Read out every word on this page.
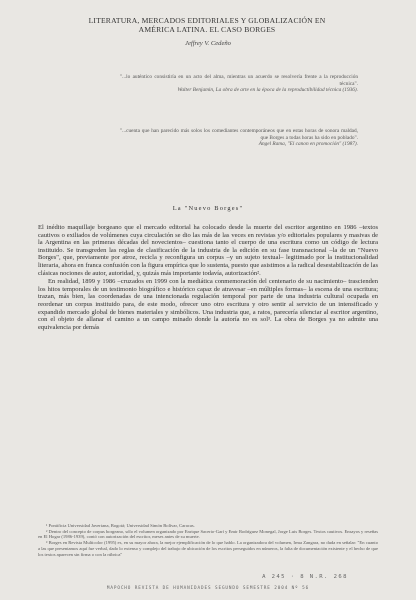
LITERATURA, MERCADOS EDITORIALES Y GLOBALIZACIÓN EN
AMÉRICA LATINA. EL CASO BORGES
Jeffrey V. Cedeño

"...lo auténtico consistiría en un acto del alma, mientras un acuerdo se resolvería frente a la reproducción técnica".

Walter Benjamin, La obra de arte en la época de la reproductibilidad técnica (1936).

"...cuenta que han parecido más solos los comediantes contemporáneos que en estas horas de sonora maldad, que Borges a todas horas ha sido en poblado".

Ángel Rama, "El canon en promoción" (1987).

La "Nuevo Borges"

El inédito maquillaje borgeano que el mercado editorial ha colocado desde la muerte del escritor argentino en 1986 –textos cautivos o exiliados de volúmenes cuya circulación se dio las más de las veces en revistas y/o editoriales populares y masivas de la Argentina en las primeras décadas del novecientos– cuestiona tanto el cuerpo de una escritura como un código de lectura instituido. Se transgreden las reglas de clasificación de la industria de la edición en su fase transnacional –la de un "Nuevo Borges", que, previamente por atroz, recicla y reconfigura un corpus –y un sujeto textual– legitimado por la institucionalidad literaria, ahora en franca confusión con la figura empírica que lo sustenta, puesto que asistimos a la radical desestabilización de las clásicas nociones de autor, autoridad, y, quizás más importante todavía, autorización².

En realidad, 1899 y 1986 –cruzados en 1999 con la mediática conmemoración del centenario de su nacimiento– trascienden los hitos temporales de un testimonio biográfico e histórico capaz de atravesar –en múltiples formas– la escena de una escritura; trazan, más bien, las coordenadas de una intencionada regulación temporal por parte de una industria cultural ocupada en reordenar un corpus instituido para, de este modo, ofrecer uno otro escritura y otro sentir al servicio de un intensificado y expandido mercado global de bienes materiales y simbólicos. Una industria que, a ratos, parecería silenciar al escritor argentino, con el objeto de allanar el camino a un campo minado donde la autoría no es sol³. La obra de Borges ya no admite una equivalencia por demás

¹ Pontificia Universidad Javeriana, Bogotá; Universidad Simón Bolívar, Caracas.

² Dentro del concepto de corpus borgeano, sólo el volumen organizado por Enrique Sacerio-Garí y Emir Rodríguez Monegal, Jorge Luis Borges. Textos cautivos. Ensayos y reseñas en El Hogar (1986-1939), contó con autorización del escritor, meses antes de su muerte.

³ Borges en Revista Multicolor (1995) es, en su mayor ahora, la mejor ejemplificación de lo que hablo. La organizadora del volumen, Irma Zangara, no duda en señalar: "En cuanto a las que presentamos aquí fue verbal, dado lo extenso y complejo del trabajo de ubicación de los escritos perseguidos en números, la falta de documentación existente y el hecho de que los textos aparecen sin firma o con la rúbrica"

A 245 · 8 N.R. 268
MAPOCHO REVISTA DE HUMANIDADES SEGUNDO SEMESTRE 2004 Nº 56
